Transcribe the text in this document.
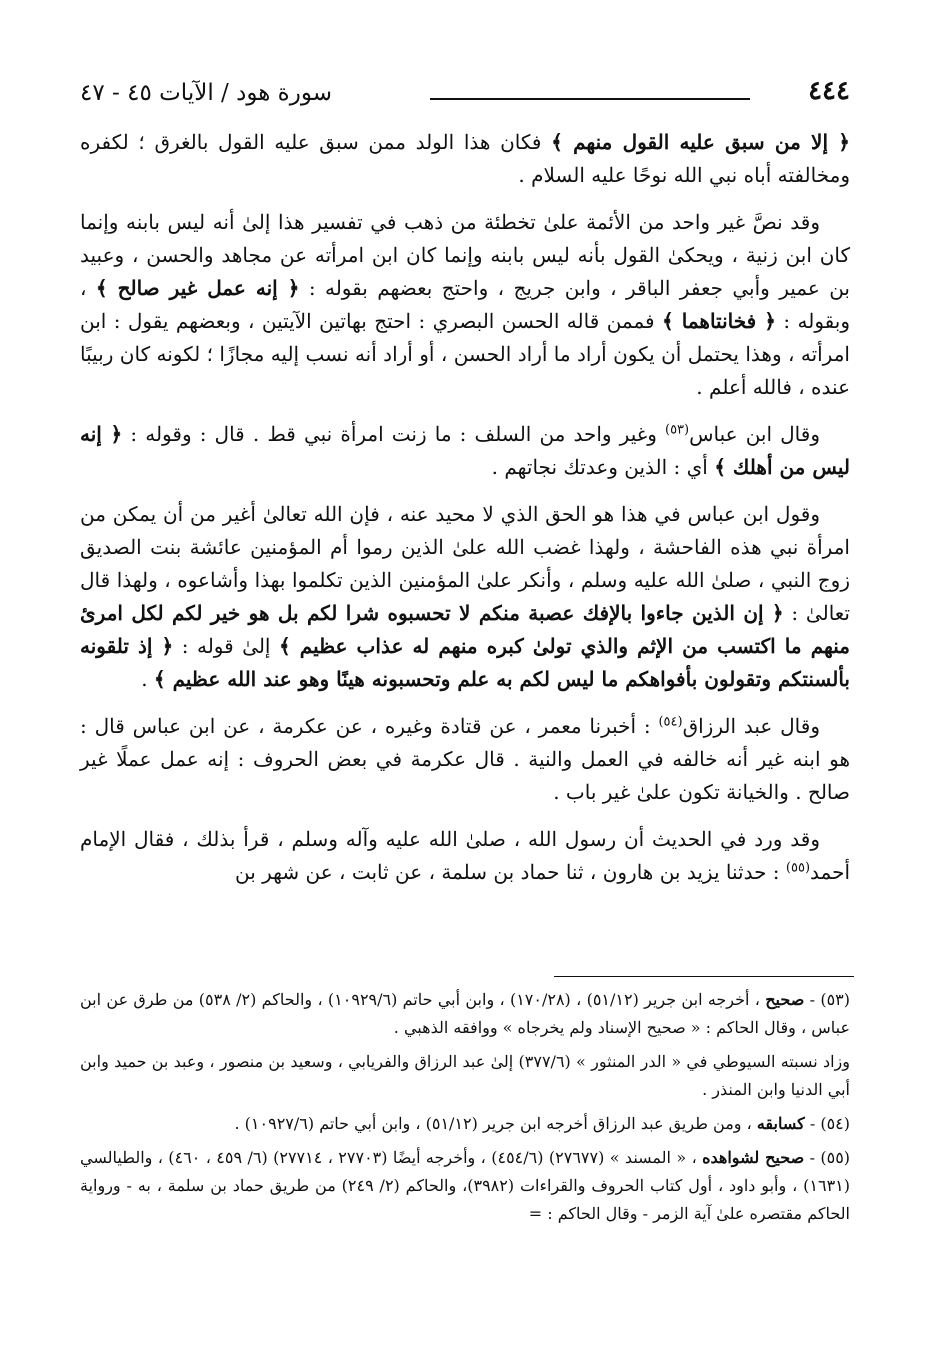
٤٤٤
سورة هود / الآيات ٤٥ - ٤٧

﴿ إلا من سبق عليه القول منهم ﴾ فكان هذا الولد ممن سبق عليه القول بالغرق ؛ لكفره ومخالفته أباه نبي الله نوحًا عليه السلام .

وقد نصَّ غير واحد من الأئمة علىٰ تخطئة من ذهب في تفسير هذا إلىٰ أنه ليس بابنه وإنما كان ابن زنية ، ويحكىٰ القول بأنه ليس بابنه وإنما كان ابن امرأته عن مجاهد والحسن ، وعبيد بن عمير وأبي جعفر الباقر ، وابن جريج ، واحتج بعضهم بقوله : ﴿ إنه عمل غير صالح ﴾ ، وبقوله : ﴿ فخانتاهما ﴾ فممن قاله الحسن البصري : احتج بهاتين الآيتين ، وبعضهم يقول : ابن امرأته ، وهذا يحتمل أن يكون أراد ما أراد الحسن ، أو أراد أنه نسب إليه مجازًا ؛ لكونه كان ربيبًا عنده ، فالله أعلم .

وقال ابن عباس$^{(٥٣)}$ وغير واحد من السلف : ما زنت امرأة نبي قط . قال : وقوله : ﴿ إنه ليس من أهلك ﴾ أي : الذين وعدتك نجاتهم .

وقول ابن عباس في هذا هو الحق الذي لا محيد عنه ، فإن الله تعالىٰ أغير من أن يمكن من امرأة نبي هذه الفاحشة ، ولهذا غضب الله علىٰ الذين رموا أم المؤمنين عائشة بنت الصديق زوج النبي ، صلىٰ الله عليه وسلم ، وأنكر علىٰ المؤمنين الذين تكلموا بهذا وأشاعوه ، ولهذا قال تعالىٰ : ﴿ إن الذين جاءوا بالإفك عصبة منكم لا تحسبوه شرا لكم بل هو خير لكم لكل امرئ منهم ما اكتسب من الإثم والذي تولىٰ كبره منهم له عذاب عظيم ﴾ إلىٰ قوله : ﴿ إذ تلقونه بألسنتكم وتقولون بأفواهكم ما ليس لكم به علم وتحسبونه هينًا وهو عند الله عظيم ﴾ .

وقال عبد الرزاق$^{(٥٤)}$ : أخبرنا معمر ، عن قتادة وغيره ، عن عكرمة ، عن ابن عباس قال : هو ابنه غير أنه خالفه في العمل والنية . قال عكرمة في بعض الحروف : إنه عمل عملًا غير صالح . والخيانة تكون علىٰ غير باب .

وقد ورد في الحديث أن رسول الله ، صلىٰ الله عليه وآله وسلم ، قرأ بذلك ، فقال الإمام أحمد$^{(٥٥)}$ : حدثنا يزيد بن هارون ، ثنا حماد بن سلمة ، عن ثابت ، عن شهر بن

(٥٣) - صحيح ، أخرجه ابن جرير (٥١/١٢) ، (١٧٠/٢٨) ، وابن أبي حاتم (١٠٩٢٩/٦) ، والحاكم (٢/ ٥٣٨) من طرق عن ابن عباس ، وقال الحاكم : « صحيح الإسناد ولم يخرجاه » ووافقه الذهبي .

وزاد نسبته السيوطي في « الدر المنثور » (٣٧٧/٦) إلىٰ عبد الرزاق والفريابي ، وسعيد بن منصور ، وعبد بن حميد وابن أبي الدنيا وابن المنذر .

(٥٤) - كسابقه ، ومن طريق عبد الرزاق أخرجه ابن جرير (٥١/١٢) ، وابن أبي حاتم (١٠٩٢٧/٦) .

(٥٥) - صحيح لشواهده ، « المسند » (٢٧٦٧٧) (٤٥٤/٦) ، وأخرجه أيضًا (٢٧٧٠٣ ، ٢٧٧١٤) (٦/ ٤٥٩ ، ٤٦٠) ، والطيالسي (١٦٣١) ، وأبو داود ، أول كتاب الحروف والقراءات (٣٩٨٢)، والحاكم (٢/ ٢٤٩) من طريق حماد بن سلمة ، به - ورواية الحاكم مقتصره علىٰ آية الزمر - وقال الحاكم : =
